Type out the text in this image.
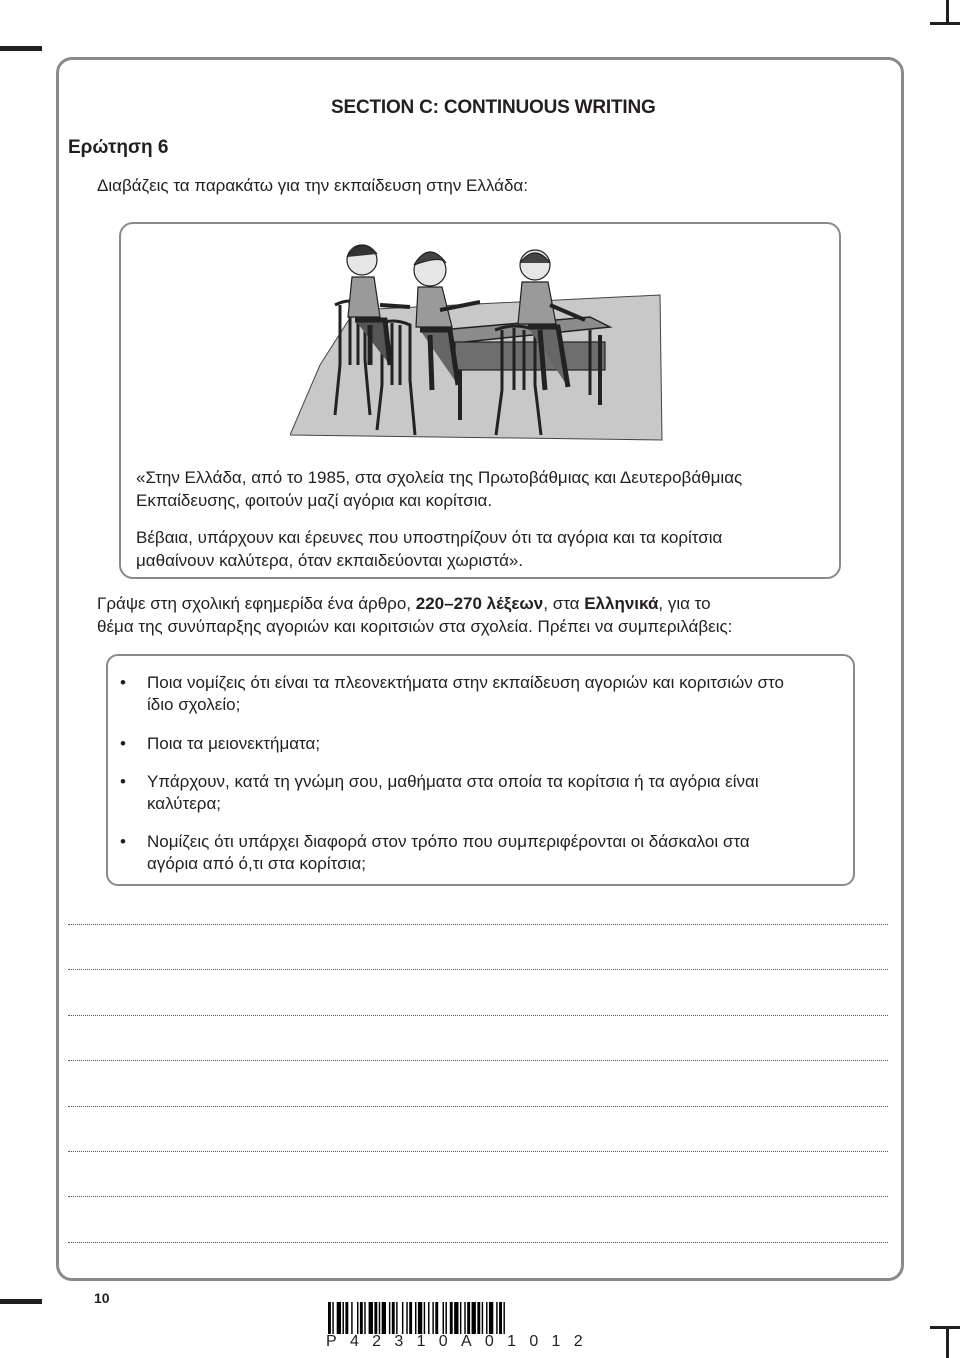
SECTION C: CONTINUOUS WRITING
Ερώτηση 6
Διαβάζεις τα παρακάτω για την εκπαίδευση στην Ελλάδα:
«Στην Ελλάδα, από το 1985, στα σχολεία της Πρωτοβάθμιας και Δευτεροβάθμιας
Εκπαίδευσης, φοιτούν μαζί αγόρια και κορίτσια.
Βέβαια, υπάρχουν και έρευνες που υποστηρίζουν ότι τα αγόρια και τα κορίτσια
μαθαίνουν καλύτερα, όταν εκπαιδεύονται χωριστά».
Γράψε στη σχολική εφημερίδα ένα άρθρο, 220–270 λέξεων, στα Ελληνικά, για το
θέμα της συνύπαρξης αγοριών και κοριτσιών στα σχολεία. Πρέπει να συμπεριλάβεις:
• Ποια νομίζεις ότι είναι τα πλεονεκτήματα στην εκπαίδευση αγοριών και κοριτσιών στο
ίδιο σχολείο;
• Ποια τα μειονεκτήματα;
• Υπάρχουν, κατά τη γνώμη σου, μαθήματα στα οποία τα κορίτσια ή τα αγόρια είναι
καλύτερα;
• Νομίζεις ότι υπάρχει διαφορά στον τρόπο που συμπεριφέρονται οι δάσκαλοι στα
αγόρια από ό,τι στα κορίτσια;
10
P42310A01012
